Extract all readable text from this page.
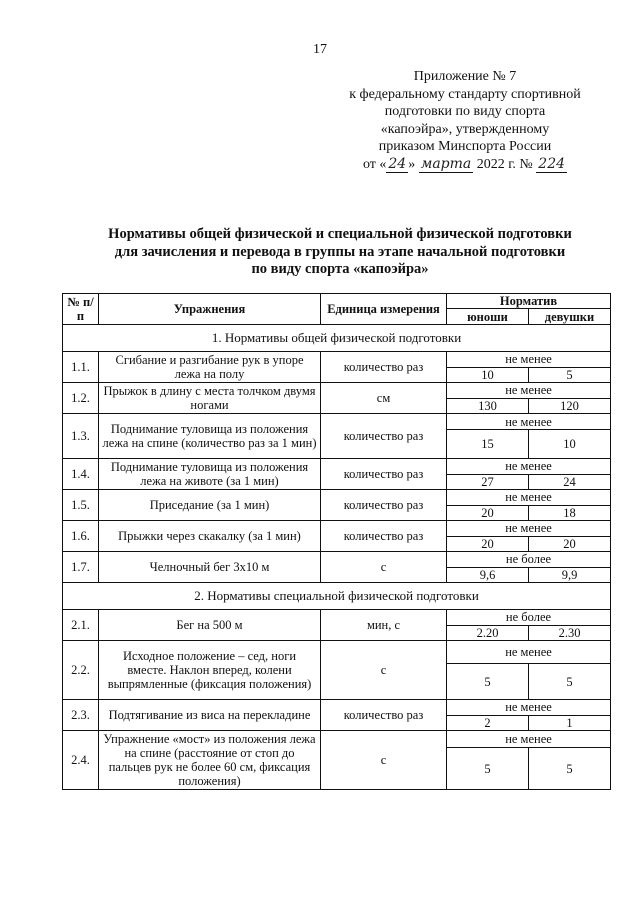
17
Приложение № 7
к федеральному стандарту спортивной
подготовки по виду спорта
«капоэйра», утвержденному
приказом Минспорта России
от « 24 » марта 2022 г. № 224
Нормативы общей физической и специальной физической подготовки
для зачисления и перевода в группы на этапе начальной подготовки
по виду спорта «капоэйра»
№ п/п	Упражнения	Единица измерения	Норматив	
			юноши	девушки
1. Нормативы общей физической подготовки				
1.1.	Сгибание и разгибание рук в упоре лежа на полу	количество раз	не менее	
			10	5
1.2.	Прыжок в длину с места толчком двумя ногами	см	не менее	
			130	120
1.3.	Поднимание туловища из положения лежа на спине (количество раз за 1 мин)	количество раз	не менее	
			15	10
1.4.	Поднимание туловища из положения лежа на животе (за 1 мин)	количество раз	не менее	
			27	24
1.5.	Приседание (за 1 мин)	количество раз	не менее	
			20	18
1.6.	Прыжки через скакалку (за 1 мин)	количество раз	не менее	
			20	20
1.7.	Челночный бег 3х10 м	с	не более	
			9,6	9,9
2. Нормативы специальной физической подготовки				
2.1.	Бег на 500 м	мин, с	не более	
			2.20	2.30
2.2.	Исходное положение – сед, ноги вместе. Наклон вперед, колени выпрямленные (фиксация положения)	с	не менее	
			5	5
2.3.	Подтягивание из виса на перекладине	количество раз	не менее	
			2	1
2.4.	Упражнение «мост» из положения лежа на спине (расстояние от стоп до пальцев рук не более 60 см, фиксация положения)	с	не менее	
			5	5
